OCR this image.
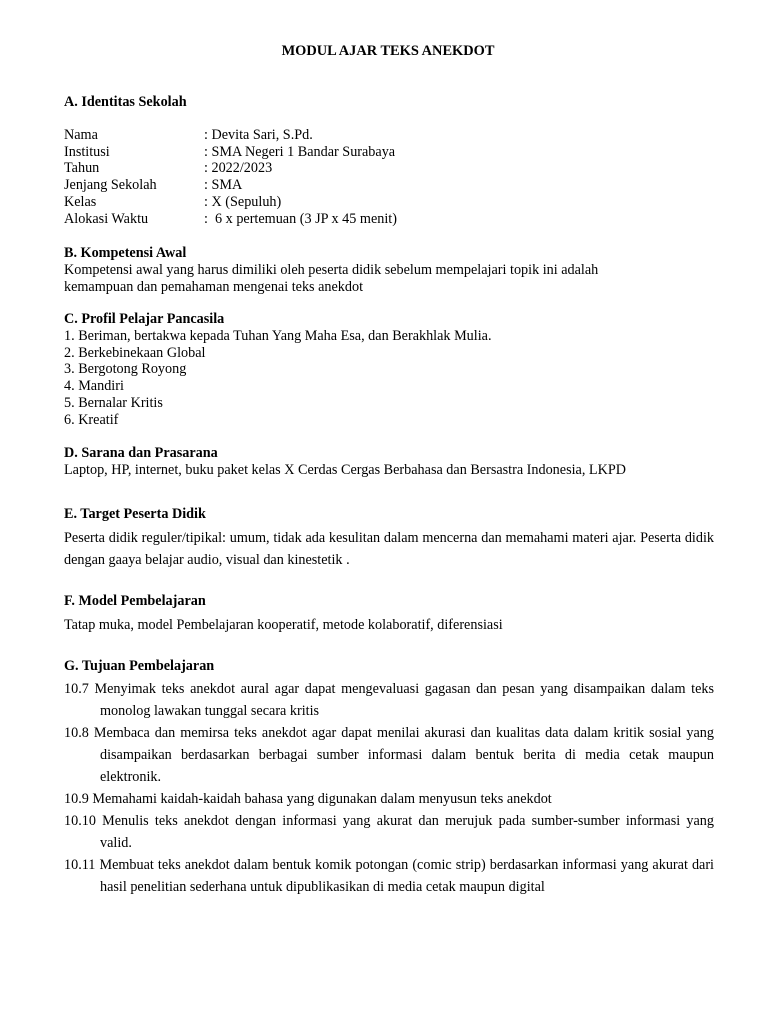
MODUL AJAR TEKS ANEKDOT
A. Identitas Sekolah
Nama	: Devita Sari, S.Pd.
Institusi	: SMA Negeri 1 Bandar Surabaya
Tahun	: 2022/2023
Jenjang Sekolah	: SMA
Kelas	: X (Sepuluh)
Alokasi Waktu	:  6 x pertemuan (3 JP x 45 menit)
B. Kompetensi Awal
Kompetensi awal yang harus dimiliki oleh peserta didik sebelum mempelajari topik ini adalah
kemampuan dan pemahaman mengenai teks anekdot
C. Profil Pelajar Pancasila
1. Beriman, bertakwa kepada Tuhan Yang Maha Esa, dan Berakhlak Mulia.
2. Berkebinekaan Global
3. Bergotong Royong
4. Mandiri
5. Bernalar Kritis
6. Kreatif
D. Sarana dan Prasarana
Laptop, HP, internet, buku paket kelas X Cerdas Cergas Berbahasa dan Bersastra Indonesia, LKPD
E. Target Peserta Didik
Peserta didik reguler/tipikal: umum, tidak ada kesulitan dalam mencerna dan memahami materi ajar. Peserta didik dengan gaaya belajar audio, visual dan kinestetik .
F. Model Pembelajaran
Tatap muka, model Pembelajaran kooperatif, metode kolaboratif, diferensiasi
G. Tujuan Pembelajaran
10.7 Menyimak teks anekdot aural agar dapat mengevaluasi gagasan dan pesan yang disampaikan dalam teks monolog lawakan tunggal secara kritis
10.8 Membaca dan memirsa teks anekdot agar dapat menilai akurasi dan kualitas data dalam kritik sosial yang disampaikan berdasarkan berbagai sumber informasi dalam bentuk berita di media cetak maupun elektronik.
10.9 Memahami kaidah-kaidah bahasa yang digunakan dalam menyusun teks anekdot
10.10 Menulis teks anekdot dengan informasi yang akurat dan merujuk pada sumber-sumber informasi yang valid.
10.11 Membuat teks anekdot dalam bentuk komik potongan (comic strip) berdasarkan informasi yang akurat dari hasil penelitian sederhana untuk dipublikasikan di media cetak maupun digital
